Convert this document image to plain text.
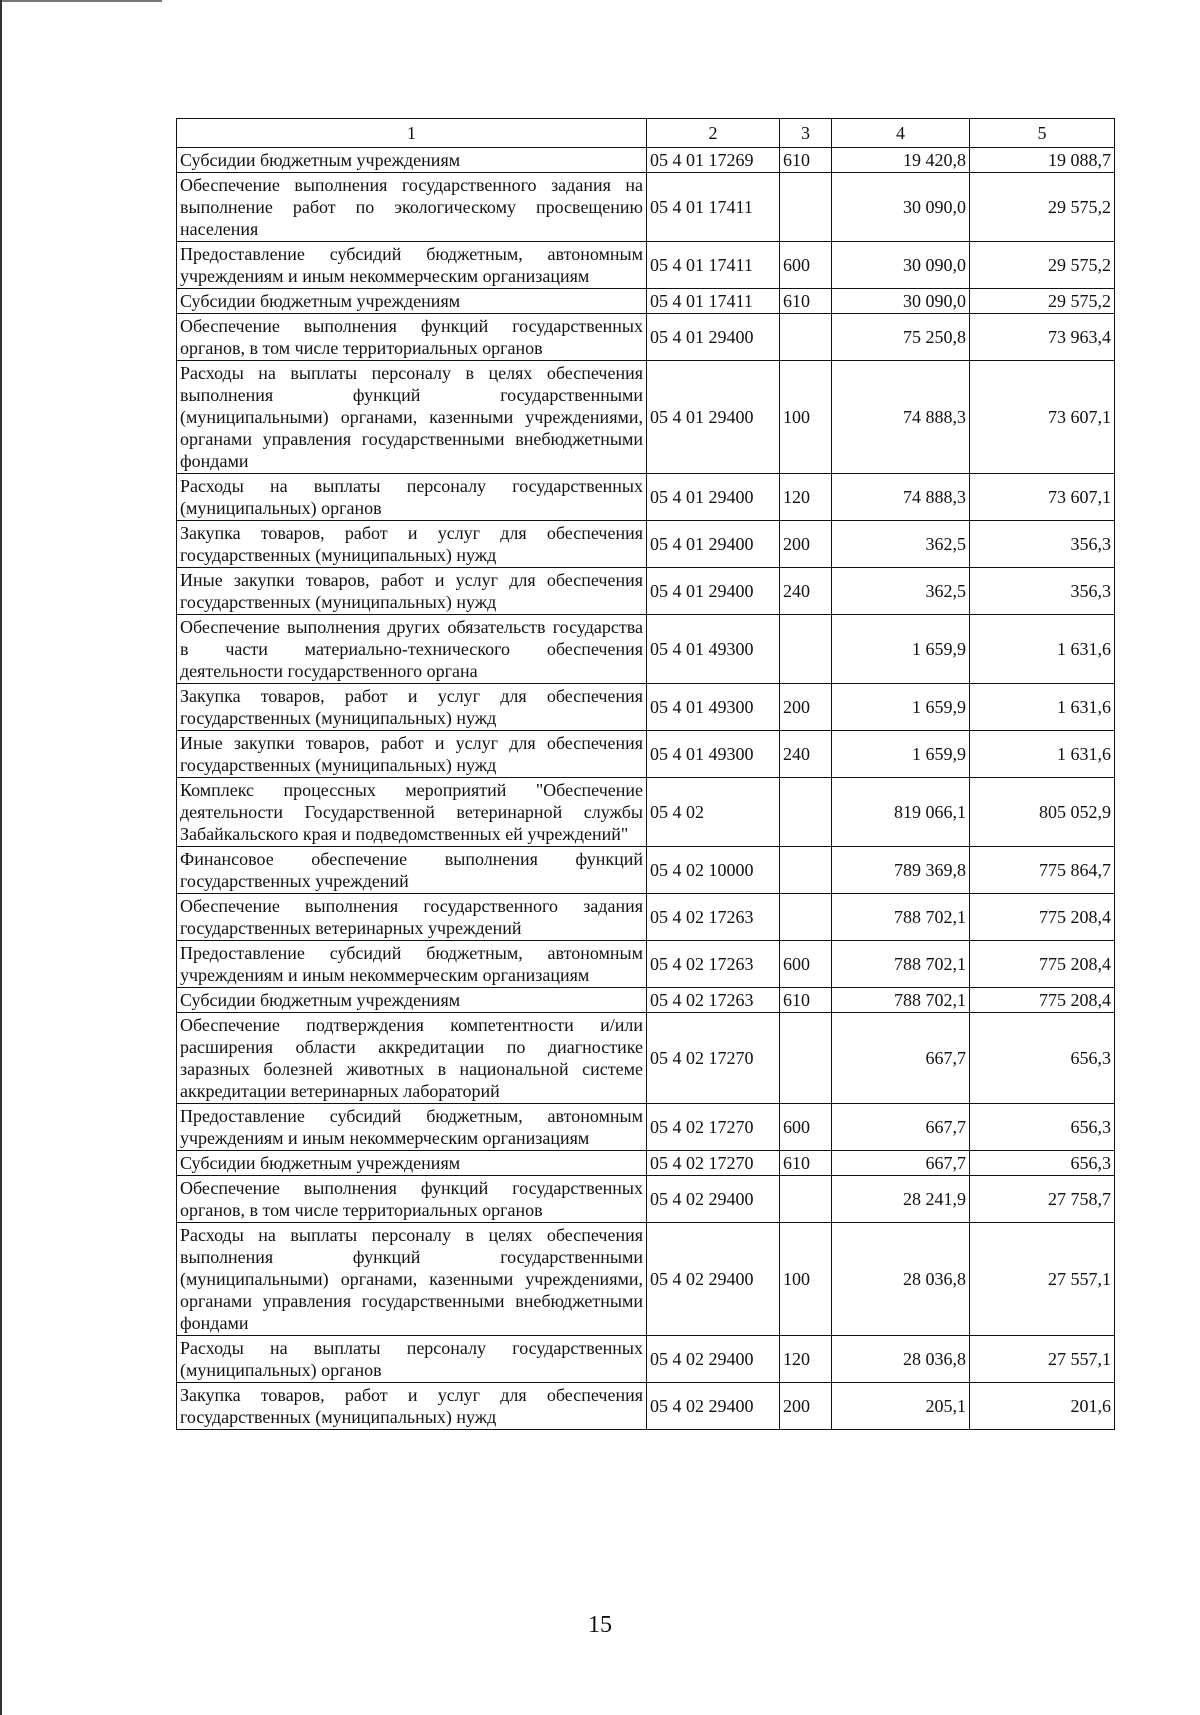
1	2	3	4	5
Субсидии бюджетным учреждениям	05 4 01 17269	610	19 420,8	19 088,7
Обеспечение выполнения государственного задания на выполнение работ по экологическому просвещению населения	05 4 01 17411		30 090,0	29 575,2
Предоставление субсидий бюджетным, автономным учреждениям и иным некоммерческим организациям	05 4 01 17411	600	30 090,0	29 575,2
Субсидии бюджетным учреждениям	05 4 01 17411	610	30 090,0	29 575,2
Обеспечение выполнения функций государственных органов, в том числе территориальных органов	05 4 01 29400		75 250,8	73 963,4
Расходы на выплаты персоналу в целях обеспечения выполнения функций государственными (муниципальными) органами, казенными учреждениями, органами управления государственными внебюджетными фондами	05 4 01 29400	100	74 888,3	73 607,1
Расходы на выплаты персоналу государственных (муниципальных) органов	05 4 01 29400	120	74 888,3	73 607,1
Закупка товаров, работ и услуг для обеспечения государственных (муниципальных) нужд	05 4 01 29400	200	362,5	356,3
Иные закупки товаров, работ и услуг для обеспечения государственных (муниципальных) нужд	05 4 01 29400	240	362,5	356,3
Обеспечение выполнения других обязательств государства в части материально-технического обеспечения деятельности государственного органа	05 4 01 49300		1 659,9	1 631,6
Закупка товаров, работ и услуг для обеспечения государственных (муниципальных) нужд	05 4 01 49300	200	1 659,9	1 631,6
Иные закупки товаров, работ и услуг для обеспечения государственных (муниципальных) нужд	05 4 01 49300	240	1 659,9	1 631,6
Комплекс процессных мероприятий "Обеспечение деятельности Государственной ветеринарной службы Забайкальского края и подведомственных ей учреждений"	05 4 02		819 066,1	805 052,9
Финансовое обеспечение выполнения функций государственных учреждений	05 4 02 10000		789 369,8	775 864,7
Обеспечение выполнения государственного задания государственных ветеринарных учреждений	05 4 02 17263		788 702,1	775 208,4
Предоставление субсидий бюджетным, автономным учреждениям и иным некоммерческим организациям	05 4 02 17263	600	788 702,1	775 208,4
Субсидии бюджетным учреждениям	05 4 02 17263	610	788 702,1	775 208,4
Обеспечение подтверждения компетентности и/или расширения области аккредитации по диагностике заразных болезней животных в национальной системе аккредитации ветеринарных лабораторий	05 4 02 17270		667,7	656,3
Предоставление субсидий бюджетным, автономным учреждениям и иным некоммерческим организациям	05 4 02 17270	600	667,7	656,3
Субсидии бюджетным учреждениям	05 4 02 17270	610	667,7	656,3
Обеспечение выполнения функций государственных органов, в том числе территориальных органов	05 4 02 29400		28 241,9	27 758,7
Расходы на выплаты персоналу в целях обеспечения выполнения функций государственными (муниципальными) органами, казенными учреждениями, органами управления государственными внебюджетными фондами	05 4 02 29400	100	28 036,8	27 557,1
Расходы на выплаты персоналу государственных (муниципальных) органов	05 4 02 29400	120	28 036,8	27 557,1
Закупка товаров, работ и услуг для обеспечения государственных (муниципальных) нужд	05 4 02 29400	200	205,1	201,6
15
